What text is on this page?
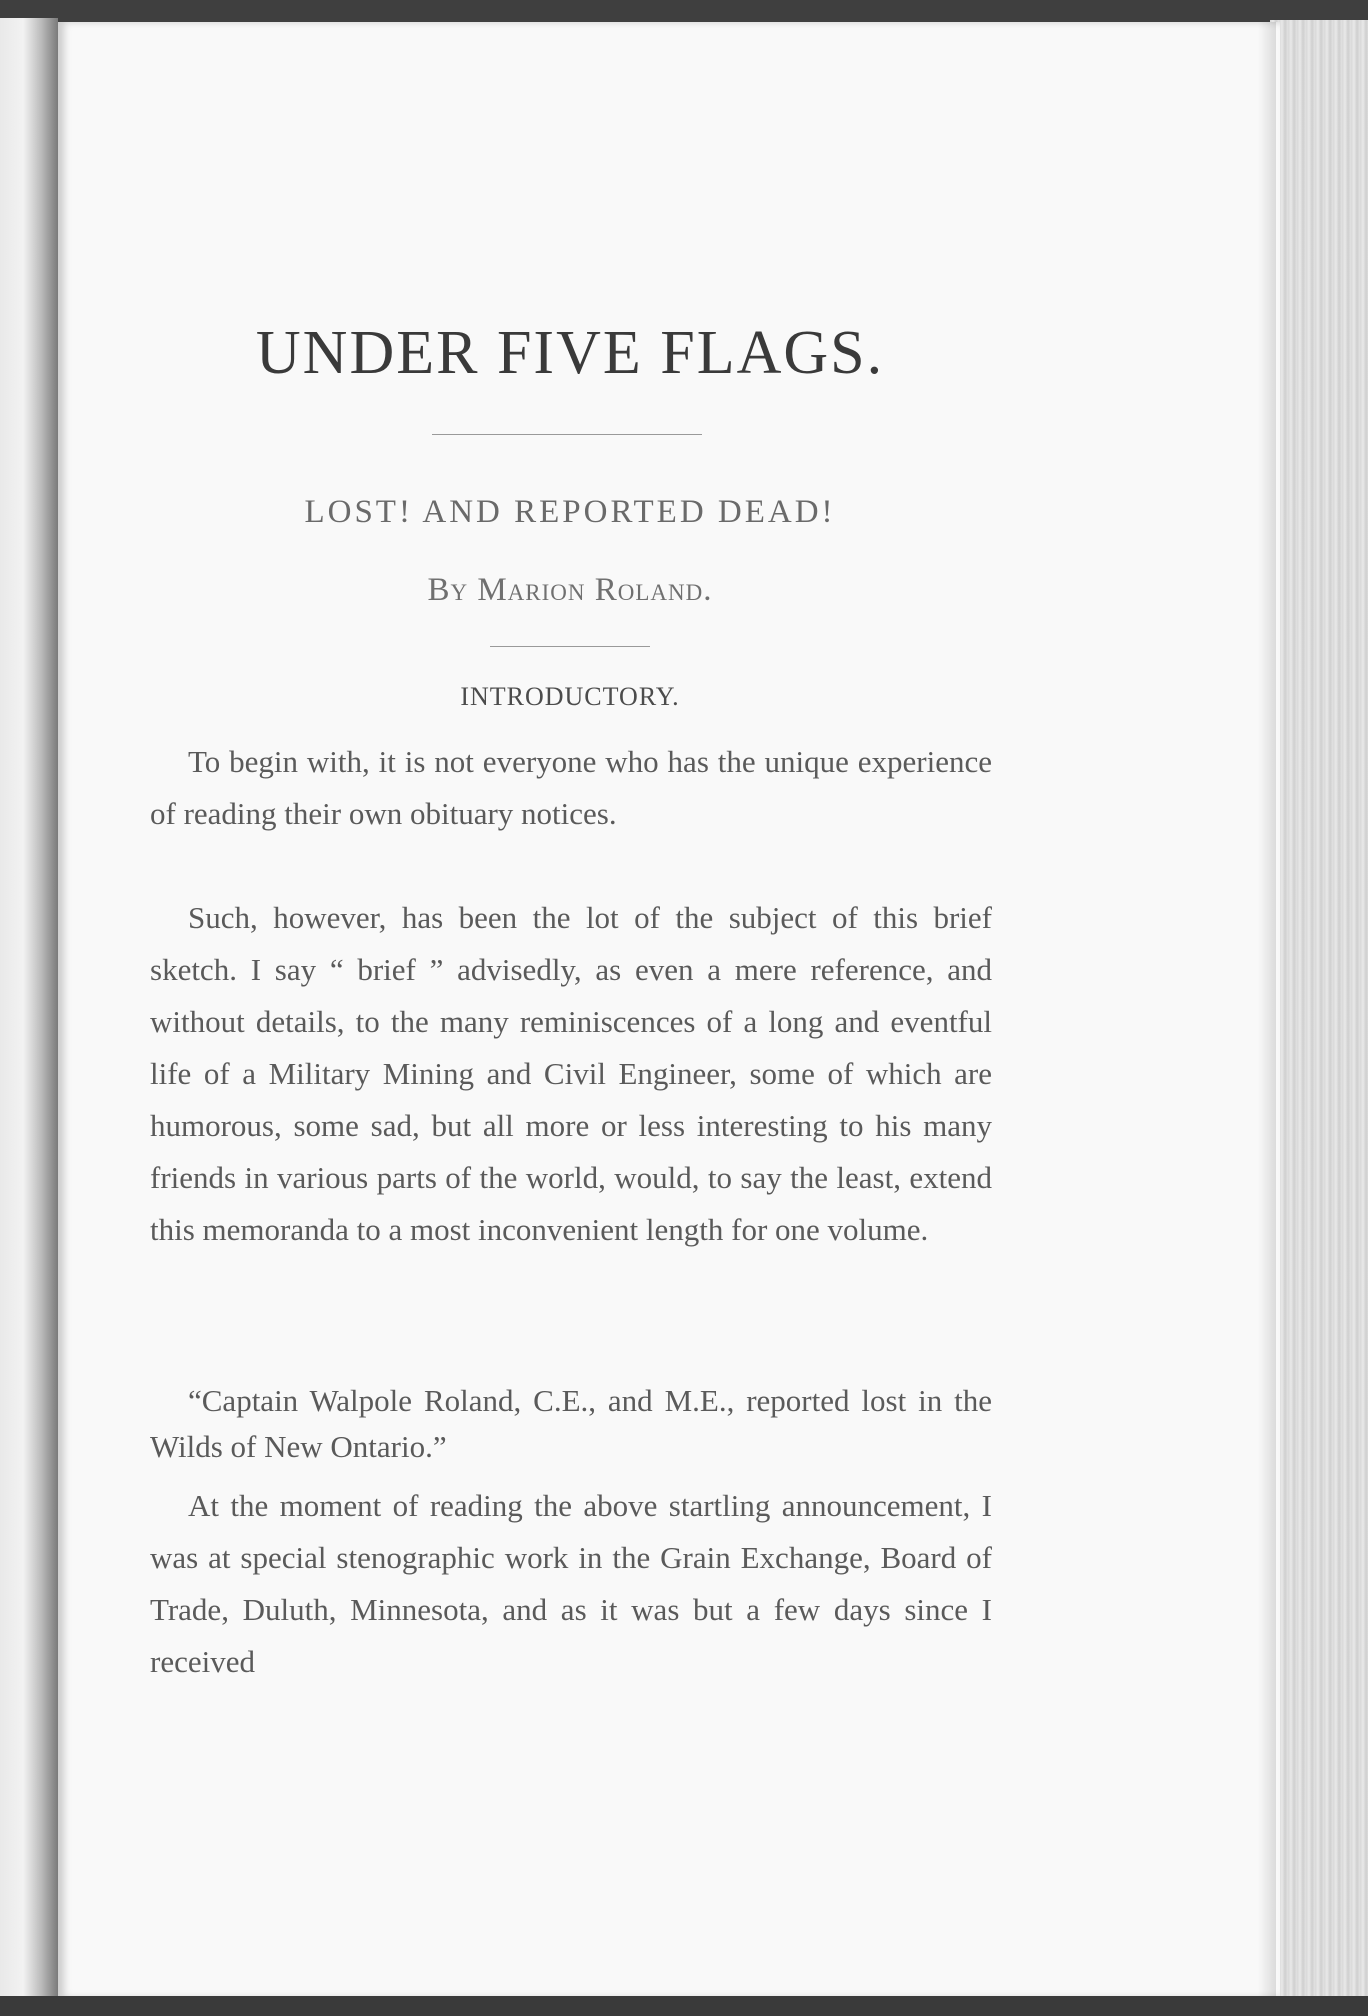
UNDER FIVE FLAGS.
LOST! AND REPORTED DEAD!

By Marion Roland.

INTRODUCTORY.

To begin with, it is not everyone who has the unique experience of reading their own obituary notices.

Such, however, has been the lot of the subject of this brief sketch. I say “ brief ” advisedly, as even a mere reference, and without details, to the many reminiscences of a long and eventful life of a Military Mining and Civil Engineer, some of which are humorous, some sad, but all more or less interesting to his many friends in various parts of the world, would, to say the least, extend this memoranda to a most inconvenient length for one volume.

“Captain Walpole Roland, C.E., and M.E., reported lost in the Wilds of New Ontario.”

At the moment of reading the above startling announcement, I was at special stenographic work in the Grain Exchange, Board of Trade, Duluth, Minnesota, and as it was but a few days since I received
